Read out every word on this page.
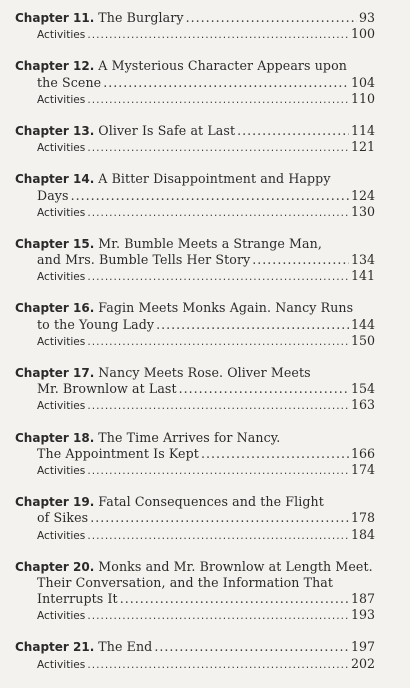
Chapter 11. The Burglary .....	93
Activities .....	100
Chapter 12. A Mysterious Character Appears upon
the Scene .....	104
Activities .....	110
Chapter 13. Oliver Is Safe at Last .....	114
Activities .....	121
Chapter 14. A Bitter Disappointment and Happy
Days .....	124
Activities .....	130
Chapter 15. Mr. Bumble Meets a Strange Man,
and Mrs. Bumble Tells Her Story .....	134
Activities .....	141
Chapter 16. Fagin Meets Monks Again. Nancy Runs
to the Young Lady .....	144
Activities .....	150
Chapter 17. Nancy Meets Rose. Oliver Meets
Mr. Brownlow at Last .....	154
Activities .....	163
Chapter 18. The Time Arrives for Nancy.
The Appointment Is Kept .....	166
Activities .....	174
Chapter 19. Fatal Consequences and the Flight
of Sikes .....	178
Activities .....	184
Chapter 20. Monks and Mr. Brownlow at Length Meet.
Their Conversation, and the Information That
Interrupts It .....	187
Activities .....	193
Chapter 21. The End .....	197
Activities .....	202
